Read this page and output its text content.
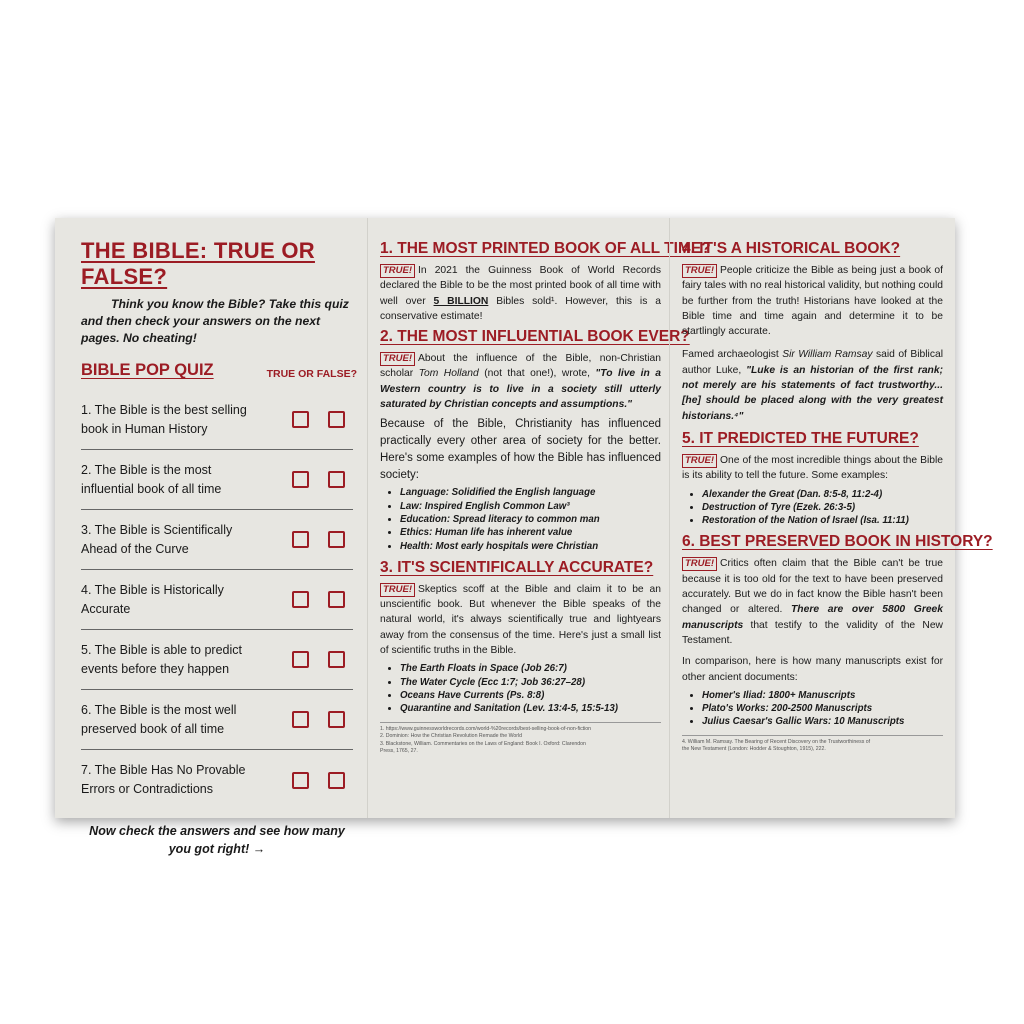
THE BIBLE: TRUE OR FALSE?

Think you know the Bible? Take this quiz and then check your answers on the next pages. No cheating!

BIBLE POP QUIZ	TRUE OR FALSE?
1. The Bible is the best selling book in Human History
2. The Bible is the most influential book of all time
3. The Bible is Scientifically Ahead of the Curve
4. The Bible is Historically Accurate
5. The Bible is able to predict events before they happen
6. The Bible is the most well preserved book of all time
7. The Bible Has No Provable Errors or Contradictions
Now check the answers and see how many you got right! →
1. THE MOST PRINTED BOOK OF ALL TIME?

TRUE! In 2021 the Guinness Book of World Records declared the Bible to be the most printed book of all time with well over 5 BILLION Bibles sold¹. However, this is a conservative estimate!

2. THE MOST INFLUENTIAL BOOK EVER?

TRUE! About the influence of the Bible, non-Christian scholar Tom Holland (not that one!), wrote, "To live in a Western country is to live in a society still utterly saturated by Christian concepts and assumptions."

Because of the Bible, Christianity has influenced practically every other area of society for the better. Here's some examples of how the Bible has influenced society:

• Language: Solidified the English language
• Law: Inspired English Common Law³
• Education: Spread literacy to common man
• Ethics: Human life has inherent value
• Health: Most early hospitals were Christian
3. IT'S SCIENTIFICALLY ACCURATE?

TRUE! Skeptics scoff at the Bible and claim it to be an unscientific book. But whenever the Bible speaks of the natural world, it's always scientifically true and lightyears away from the consensus of the time. Here's just a small list of scientific truths in the Bible.

• The Earth Floats in Space (Job 26:7)
• The Water Cycle (Ecc 1:7; Job 36:27–28)
• Oceans Have Currents (Ps. 8:8)
• Quarantine and Sanitation (Lev. 13:4-5, 15:5-13)
1. https://www.guinnessworldrecords.com/world-%20records/best-selling-book-of-non-fiction
2. Dominion: How the Christian Revolution Remade the World
3. Blackstone, William. Commentaries on the Laws of England: Book I. Oxford: Clarendon
Press, 1765, 27.
4. IT'S A HISTORICAL BOOK?

TRUE! People criticize the Bible as being just a book of fairy tales with no real historical validity, but nothing could be further from the truth! Historians have looked at the Bible time and time again and determine it to be startlingly accurate.

Famed archaeologist Sir William Ramsay said of Biblical author Luke, "Luke is an historian of the first rank; not merely are his statements of fact trustworthy... [he] should be placed along with the very greatest historians.⁴"

5. IT PREDICTED THE FUTURE?

TRUE! One of the most incredible things about the Bible is its ability to tell the future. Some examples:

• Alexander the Great (Dan. 8:5-8, 11:2-4)
• Destruction of Tyre (Ezek. 26:3-5)
• Restoration of the Nation of Israel (Isa. 11:11)
6. BEST PRESERVED BOOK IN HISTORY?

TRUE! Critics often claim that the Bible can't be true because it is too old for the text to have been preserved accurately. But we do in fact know the Bible hasn't been changed or altered. There are over 5800 Greek manuscripts that testify to the validity of the New Testament.

In comparison, here is how many manuscripts exist for other ancient documents:

• Homer's Iliad: 1800+ Manuscripts
• Plato's Works: 200-2500 Manuscripts
• Julius Caesar's Gallic Wars: 10 Manuscripts
4. William M. Ramsay. The Bearing of Recent Discovery on the Trustworthiness of
the New Testament (London: Hodder & Stoughton, 1915), 222.
